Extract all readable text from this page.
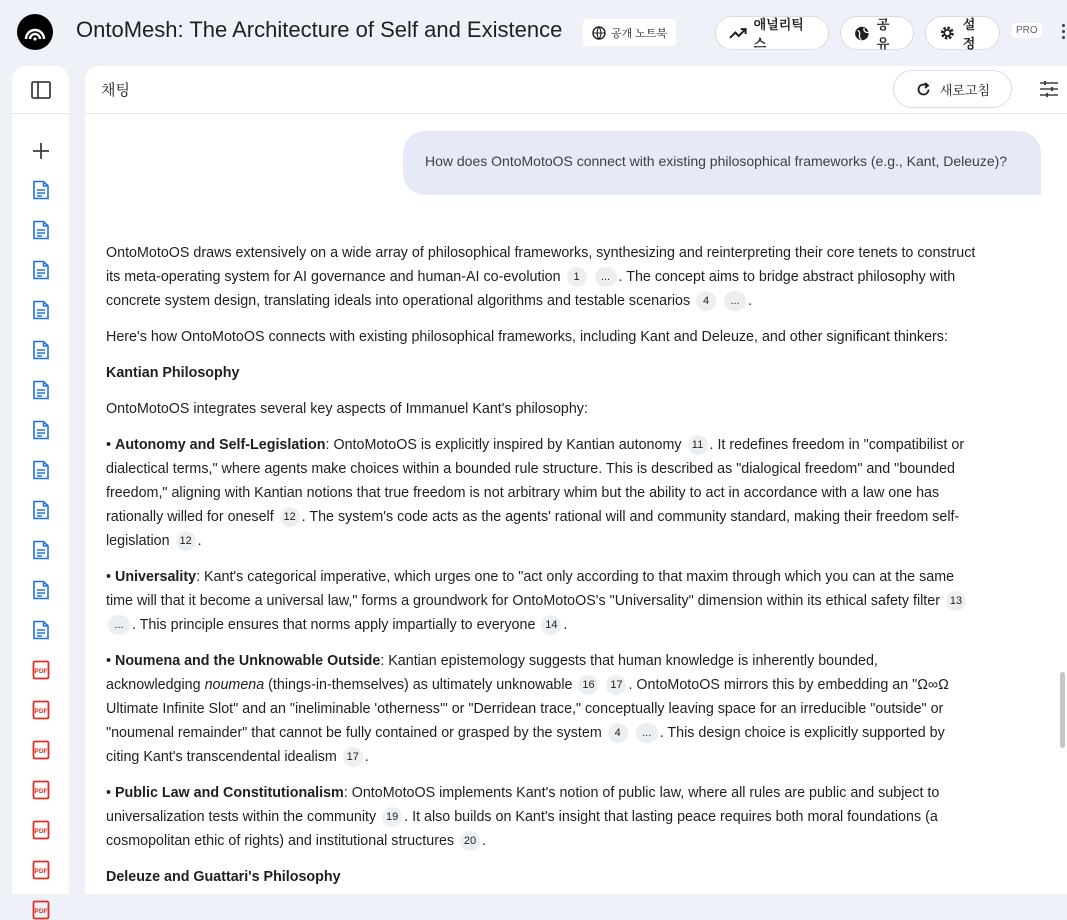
OntoMesh: The Architecture of Self and Existence	공개 노트북
애널리틱스
공유
설정
PRO
PDF
PDF
PDF
PDF
PDF
PDF
PDF
채팅	새로고침
How does OntoMotoOS connect with existing philosophical frameworks (e.g., Kant, Deleuze)?

OntoMotoOS draws extensively on a wide array of philosophical frameworks, synthesizing and reinterpreting their core tenets to construct its meta-operating system for AI governance and human-AI co-evolution 1 ... . The concept aims to bridge abstract philosophy with concrete system design, translating ideals into operational algorithms and testable scenarios 4 ... .

Here's how OntoMotoOS connects with existing philosophical frameworks, including Kant and Deleuze, and other significant thinkers:

Kantian Philosophy

OntoMotoOS integrates several key aspects of Immanuel Kant's philosophy:

• Autonomy and Self-Legislation: OntoMotoOS is explicitly inspired by Kantian autonomy 11 . It redefines freedom in "compatibilist or dialectical terms," where agents make choices within a bounded rule structure. This is described as "dialogical freedom" and "bounded freedom," aligning with Kantian notions that true freedom is not arbitrary whim but the ability to act in accordance with a law one has rationally willed for oneself 12 . The system's code acts as the agents' rational will and community standard, making their freedom self-legislation 12 .

• Universality: Kant's categorical imperative, which urges one to "act only according to that maxim through which you can at the same time will that it become a universal law," forms a groundwork for OntoMotoOS's "Universality" dimension within its ethical safety filter 13 ... . This principle ensures that norms apply impartially to everyone 14 .

• Noumena and the Unknowable Outside: Kantian epistemology suggests that human knowledge is inherently bounded, acknowledging noumena (things-in-themselves) as ultimately unknowable 16 17 . OntoMotoOS mirrors this by embedding an "Ω∞Ω Ultimate Infinite Slot" and an "ineliminable 'otherness'" or "Derridean trace," conceptually leaving space for an irreducible "outside" or "noumenal remainder" that cannot be fully contained or grasped by the system 4 ... . This design choice is explicitly supported by citing Kant's transcendental idealism 17 .

• Public Law and Constitutionalism: OntoMotoOS implements Kant's notion of public law, where all rules are public and subject to universalization tests within the community 19 . It also builds on Kant's insight that lasting peace requires both moral foundations (a cosmopolitan ethic of rights) and institutional structures 20 .

Deleuze and Guattari's Philosophy
